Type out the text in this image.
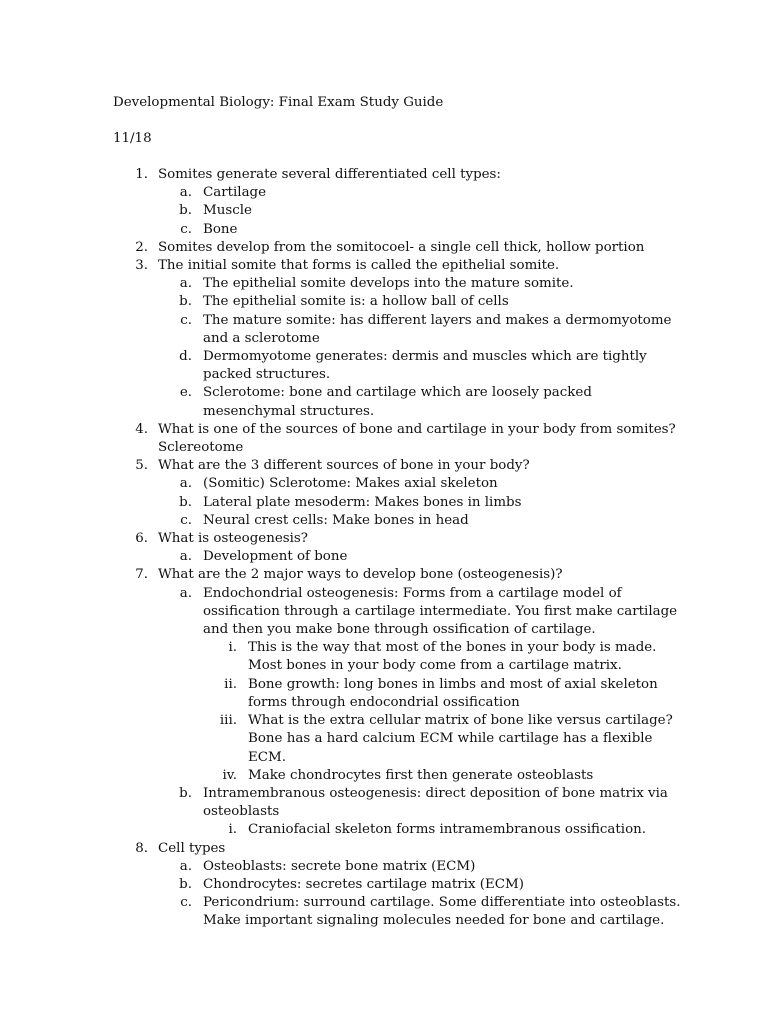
Developmental Biology: Final Exam Study Guide
11/18
1. Somites generate several differentiated cell types:
a. Cartilage
b. Muscle
c. Bone
2. Somites develop from the somitocoel- a single cell thick, hollow portion
3. The initial somite that forms is called the epithelial somite.
a. The epithelial somite develops into the mature somite.
b. The epithelial somite is: a hollow ball of cells
c. The mature somite: has different layers and makes a dermomyotome
and a sclerotome
d. Dermomyotome generates: dermis and muscles which are tightly
packed structures.
e. Sclerotome: bone and cartilage which are loosely packed
mesenchymal structures.
4. What is one of the sources of bone and cartilage in your body from somites?
Sclereotome
5. What are the 3 different sources of bone in your body?
a. (Somitic) Sclerotome: Makes axial skeleton
b. Lateral plate mesoderm: Makes bones in limbs
c. Neural crest cells: Make bones in head
6. What is osteogenesis?
a. Development of bone
7. What are the 2 major ways to develop bone (osteogenesis)?
a. Endochondrial osteogenesis: Forms from a cartilage model of
ossification through a cartilage intermediate. You first make cartilage
and then you make bone through ossification of cartilage.
i. This is the way that most of the bones in your body is made.
Most bones in your body come from a cartilage matrix.
ii. Bone growth: long bones in limbs and most of axial skeleton
forms through endocondrial ossification
iii. What is the extra cellular matrix of bone like versus cartilage?
Bone has a hard calcium ECM while cartilage has a flexible
ECM.
iv. Make chondrocytes first then generate osteoblasts
b. Intramembranous osteogenesis: direct deposition of bone matrix via
osteoblasts
i. Craniofacial skeleton forms intramembranous ossification.
8. Cell types
a. Osteoblasts: secrete bone matrix (ECM)
b. Chondrocytes: secretes cartilage matrix (ECM)
c. Pericondrium: surround cartilage. Some differentiate into osteoblasts.
Make important signaling molecules needed for bone and cartilage.
